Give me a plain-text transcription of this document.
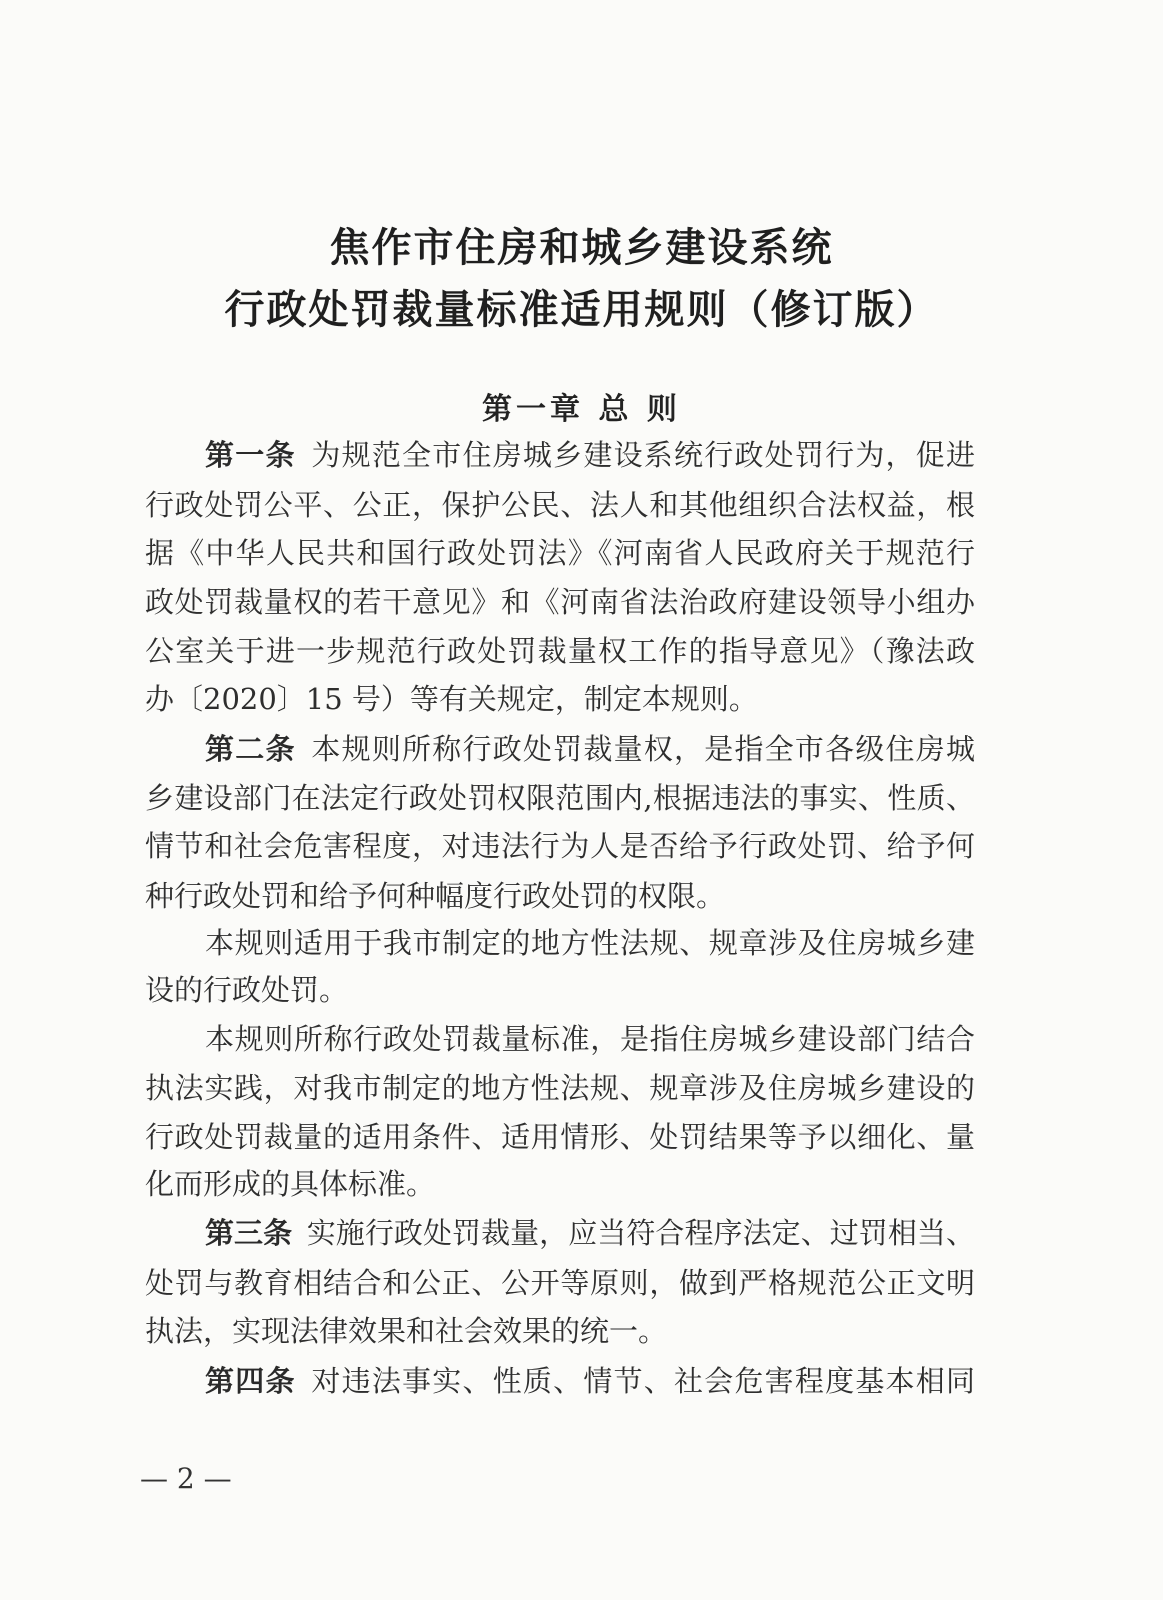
焦作市住房和城乡建设系统
行政处罚裁量标准适用规则（修订版）
第一章 总 则
第一条  为规范全市住房城乡建设系统行政处罚行为，促进
行政处罚公平、公正，保护公民、法人和其他组织合法权益，根
据《中华人民共和国行政处罚法》《河南省人民政府关于规范行
政处罚裁量权的若干意见》和《河南省法治政府建设领导小组办
公室关于进一步规范行政处罚裁量权工作的指导意见》（豫法政
办〔2020〕15 号）等有关规定，制定本规则。
第二条  本规则所称行政处罚裁量权，是指全市各级住房城
乡建设部门在法定行政处罚权限范围内,根据违法的事实、性质、
情节和社会危害程度，对违法行为人是否给予行政处罚、给予何
种行政处罚和给予何种幅度行政处罚的权限。
本规则适用于我市制定的地方性法规、规章涉及住房城乡建
设的行政处罚。
本规则所称行政处罚裁量标准，是指住房城乡建设部门结合
执法实践，对我市制定的地方性法规、规章涉及住房城乡建设的
行政处罚裁量的适用条件、适用情形、处罚结果等予以细化、量
化而形成的具体标准。
第三条  实施行政处罚裁量，应当符合程序法定、过罚相当、
处罚与教育相结合和公正、公开等原则，做到严格规范公正文明
执法，实现法律效果和社会效果的统一。
第四条  对违法事实、性质、情节、社会危害程度基本相同
— 2 —
